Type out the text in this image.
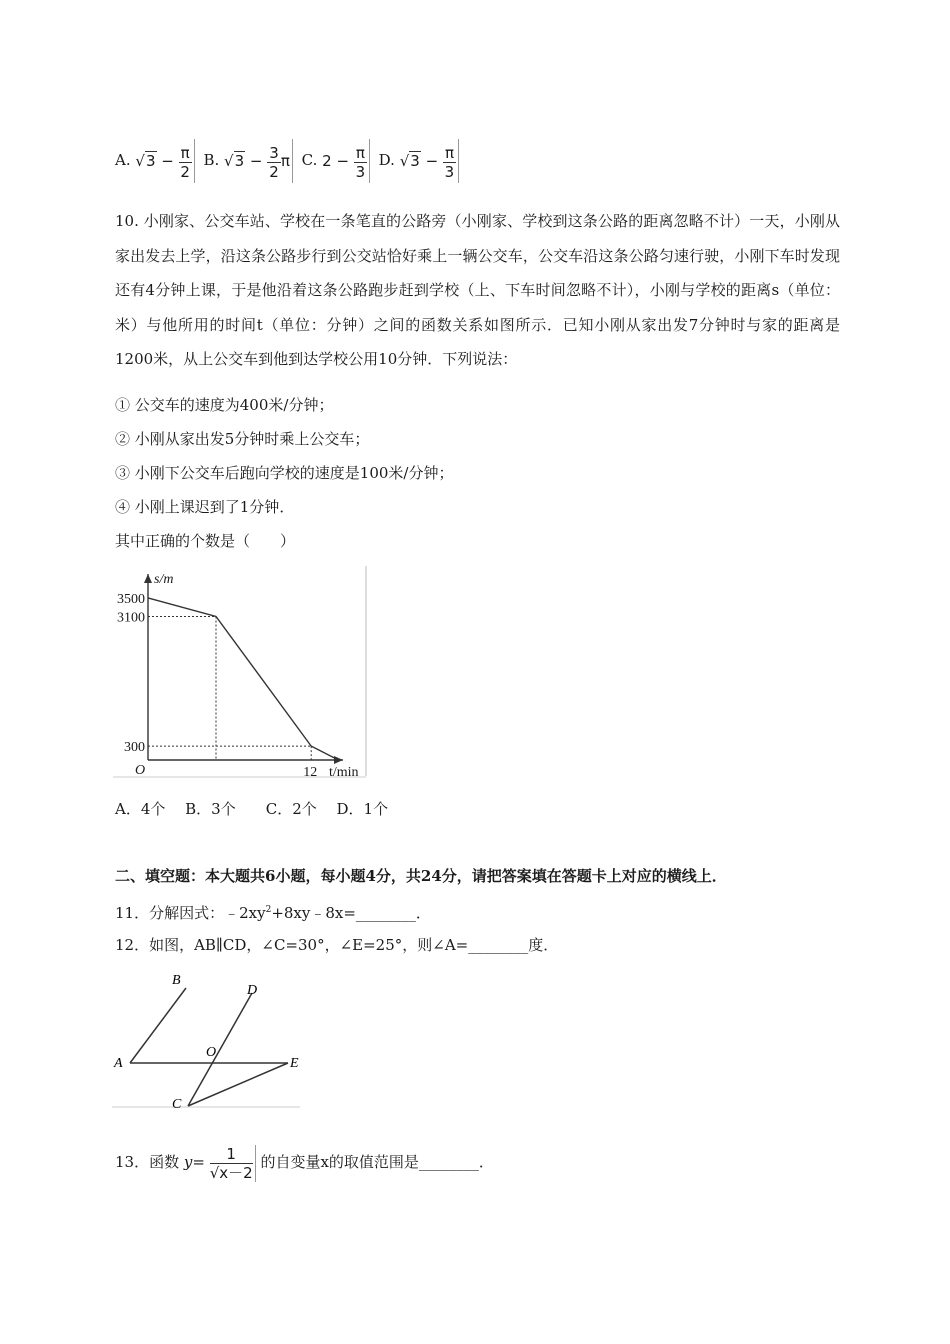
A. $√3 - \frac{\pi}{2} B$. $√3 - \frac{3}{2}$ π C. $2 - \frac{\pi}{3} D$. $√3 - \frac{\pi}{3}$
10. 小刚家、公交车站、学校在一条笔直的公路旁（小刚家、学校到这条公路的距离忽略不计）一天，小刚从家出发去上学，沿这条公路步行到公交站恰好乘上一辆公交车，公交车沿这条公路匀速行驶，小刚下车时发现还有4分钟上课，于是他沿着这条公路跑步赶到学校（上、下车时间忽略不计），小刚与学校的距离s（单位：米）与他所用的时间t（单位：分钟）之间的函数关系如图所示．已知小刚从家出发7分钟时与家的距离是1200米，从上公交车到他到达学校公用10分钟．下列说法：
① 公交车的速度为400米/分钟；
② 小刚从家出发5分钟时乘上公交车；
③ 小刚下公交车后跑向学校的速度是100米/分钟；
④ 小刚上课迟到了1分钟．
其中正确的个数是（　　）
s/m
t/min
O
3500
3100
300
12
A．4个　 B．3个　　C．2个　 D．1个
二、填空题：本大题共6小题，每小题4分，共24分，请把答案填在答题卡上对应的横线上．
11．分解因式：$﹣2xy^2+8xy﹣8x=\_\_\_\_\_\_\_\_$．
12．如图，AB∥CD，∠C=30°，∠E=25°，则∠A=________度．
B
D
A
O
E
C
13．函数 $y= \frac{1}{√x-2}$ 的自变量x的取值范围是________．
